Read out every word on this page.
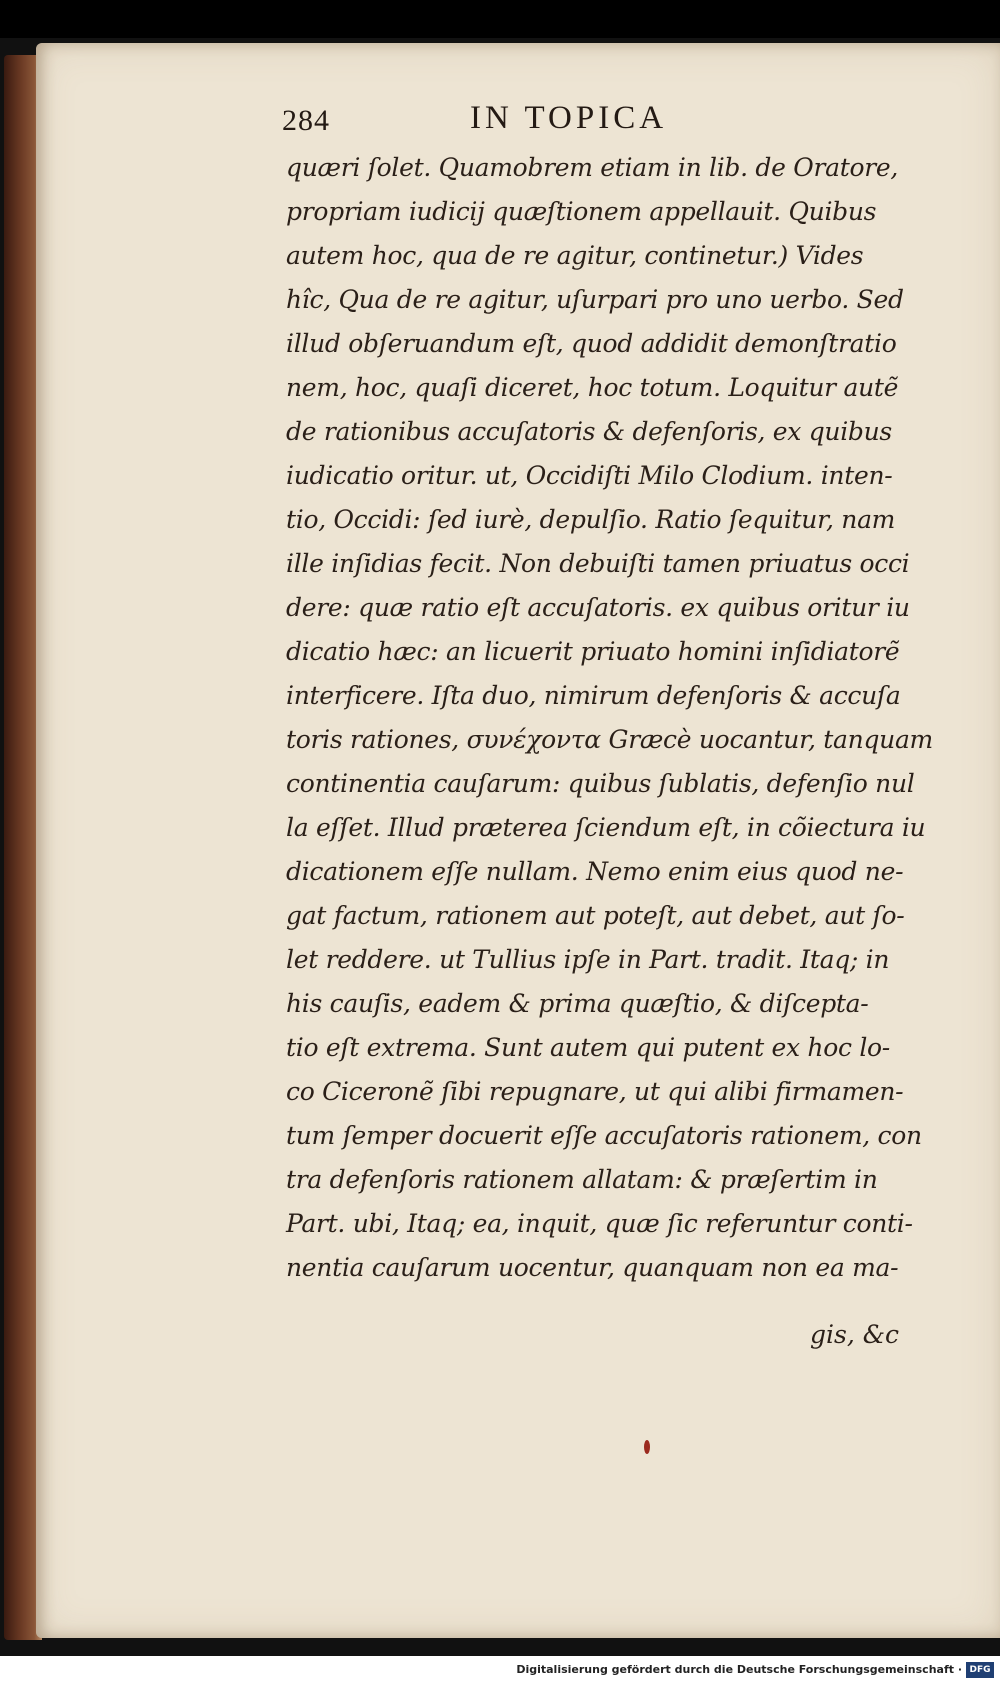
284	IN TOPICA
quæri ſolet. Quamobrem etiam in lib. de Oratore,
propriam iudicij quæſtionem appellauit. Quibus
autem hoc, qua de re agitur, continetur.) Vides
hîc, Qua de re agitur, uſurpari pro uno uerbo. Sed
illud obſeruandum eſt, quod addidit demonſtratio
nem, hoc, quaſi diceret, hoc totum. Loquitur autẽ
de rationibus accuſatoris & defenſoris, ex quibus
iudicatio oritur. ut, Occidiſti Milo Clodium. inten-
tio, Occidi: ſed iurè, depulſio. Ratio ſequitur, nam
ille inſidias fecit. Non debuiſti tamen priuatus occi
dere: quæ ratio eſt accuſatoris. ex quibus oritur iu
dicatio hæc: an licuerit priuato homini inſidiatorẽ
interficere. Iſta duo, nimirum defenſoris & accuſa
toris rationes, συνέχοντα Græcè uocantur, tanquam
continentia cauſarum: quibus ſublatis, defenſio nul
la eſſet. Illud præterea ſciendum eſt, in cõiectura iu
dicationem eſſe nullam. Nemo enim eius quod ne-
gat factum, rationem aut poteſt, aut debet, aut ſo-
let reddere. ut Tullius ipſe in Part. tradit. Itaq; in
his cauſis, eadem & prima quæſtio, & diſcepta-
tio eſt extrema. Sunt autem qui putent ex hoc lo-
co Ciceronẽ ſibi repugnare, ut qui alibi firmamen-
tum ſemper docuerit eſſe accuſatoris rationem, con
tra defenſoris rationem allatam: & præſertim in
Part. ubi, Itaq; ea, inquit, quæ ſic referuntur conti-
nentia cauſarum uocentur, quanquam non ea ma-
gis, &c
Digitalisierung gefördert durch die Deutsche Forschungsgemeinschaft · DFG
